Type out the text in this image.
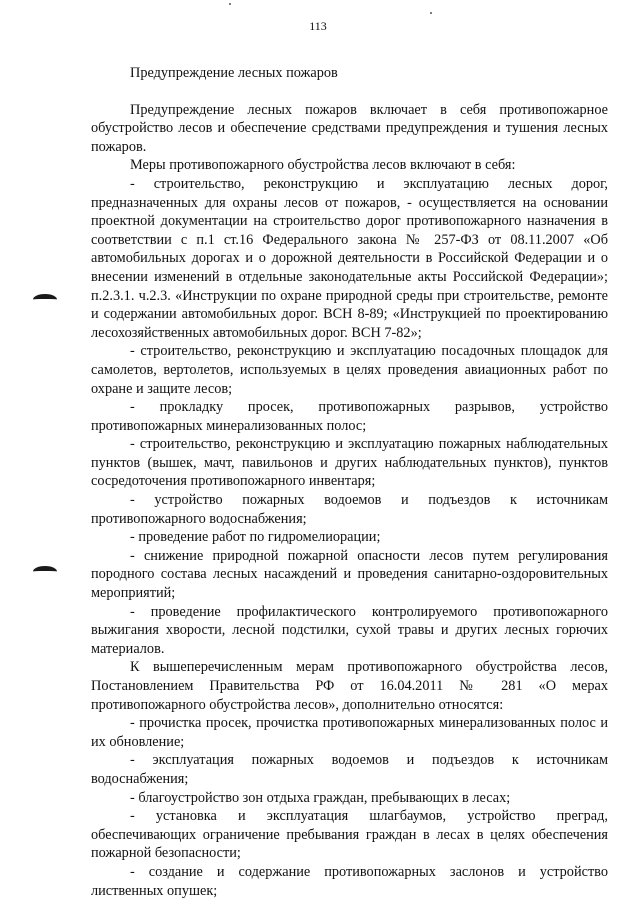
113

Предупреждение лесных пожаров

Предупреждение лесных пожаров включает в себя противопожарное обустройство лесов и обеспечение средствами предупреждения и тушения лесных пожаров.

Меры противопожарного обустройства лесов включают в себя:

- строительство, реконструкцию и эксплуатацию лесных дорог, предназначенных для охраны лесов от пожаров, - осуществляется на основании проектной документации на строительство дорог противопожарного назначения в соответствии с п.1 ст.16 Федерального закона № 257-ФЗ от 08.11.2007 «Об автомобильных дорогах и о дорожной деятельности в Российской Федерации и о внесении изменений в отдельные законодательные акты Российской Федерации»; п.2.3.1. ч.2.3. «Инструкции по охране природной среды при строительстве, ремонте и содержании автомобильных дорог. ВСН 8-89; «Инструкцией по проектированию лесохозяйственных автомобильных дорог. ВСН 7-82»;

- строительство, реконструкцию и эксплуатацию посадочных площадок для самолетов, вертолетов, используемых в целях проведения авиационных работ по охране и защите лесов;

- прокладку просек, противопожарных разрывов, устройство противопожарных минерализованных полос;

- строительство, реконструкцию и эксплуатацию пожарных наблюдательных пунктов (вышек, мачт, павильонов и других наблюдательных пунктов), пунктов сосредоточения противопожарного инвентаря;

- устройство пожарных водоемов и подъездов к источникам противопожарного водоснабжения;

- проведение работ по гидромелиорации;

- снижение природной пожарной опасности лесов путем регулирования породного состава лесных насаждений и проведения санитарно-оздоровительных мероприятий;

- проведение профилактического контролируемого противопожарного выжигания хворости, лесной подстилки, сухой травы и других лесных горючих материалов.

К вышеперечисленным мерам противопожарного обустройства лесов, Постановлением Правительства РФ от 16.04.2011 № 281 «О мерах противопожарного обустройства лесов», дополнительно относятся:

- прочистка просек, прочистка противопожарных минерализованных полос и их обновление;

- эксплуатация пожарных водоемов и подъездов к источникам водоснабжения;

- благоустройство зон отдыха граждан, пребывающих в лесах;

- установка и эксплуатация шлагбаумов, устройство преград, обеспечивающих ограничение пребывания граждан в лесах в целях обеспечения пожарной безопасности;

- создание и содержание противопожарных заслонов и устройство лиственных опушек;
